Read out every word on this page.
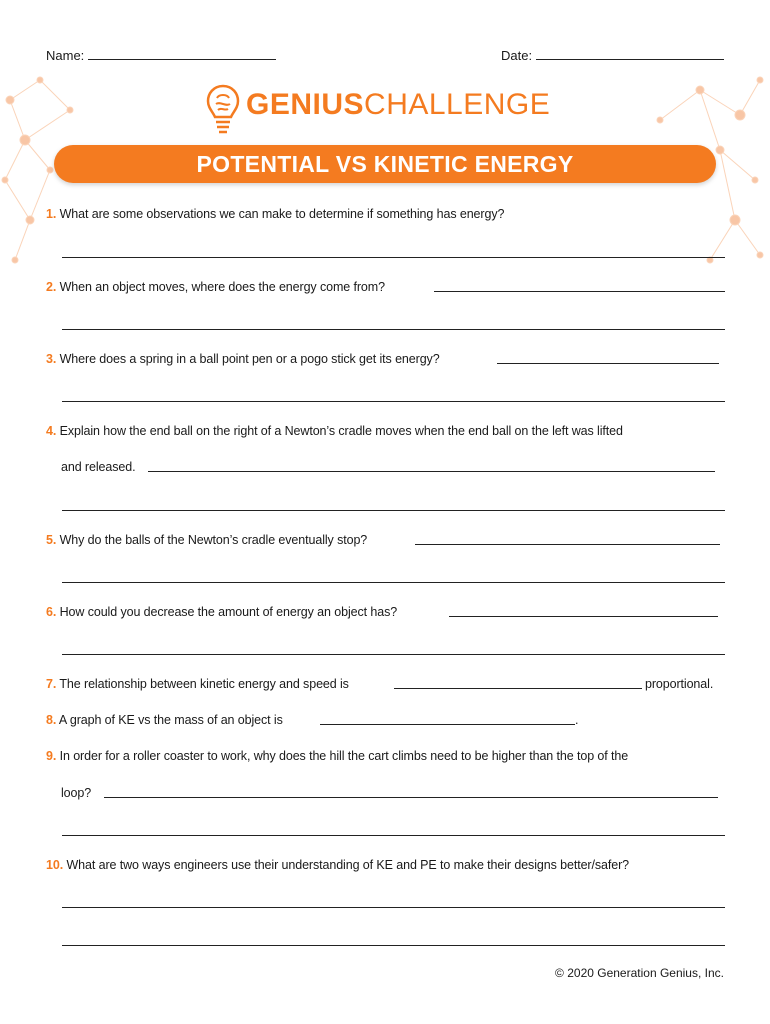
Name:	Date:
GENIUSCHALLENGE
POTENTIAL VS KINETIC ENERGY
1. What are some observations we can make to determine if something has energy?
2. When an object moves, where does the energy come from?
3. Where does a spring in a ball point pen or a pogo stick get its energy?
4. Explain how the end ball on the right of a Newton’s cradle moves when the end ball on the left was lifted
and released.
5. Why do the balls of the Newton’s cradle eventually stop?
6. How could you decrease the amount of energy an object has?
7. The relationship between kinetic energy and speed is	proportional.
8. A graph of KE vs the mass of an object is	.
9. In order for a roller coaster to work, why does the hill the cart climbs need to be higher than the top of the
loop?
10. What are two ways engineers use their understanding of KE and PE to make their designs better/safer?
© 2020 Generation Genius, Inc.
